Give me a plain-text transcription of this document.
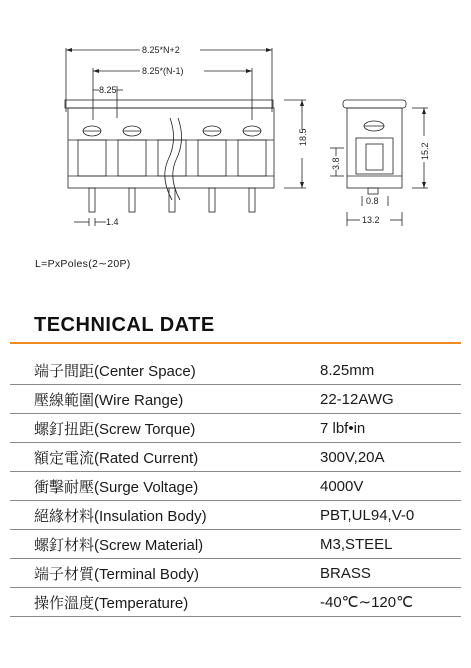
8.25*N+2
8.25*(N-1)
8.25
18.5
1.4
15.2
3.8
0.8
13.2
L=PxPoles(2∼20P)
TECHNICAL DATE
端子間距(Center Space)	8.25mm
壓線範圍(Wire Range)	22-12AWG
螺釘扭距(Screw Torque)	7 lbf•in
額定電流(Rated Current)	300V,20A
衝擊耐壓(Surge Voltage)	4000V
絕緣材料(Insulation Body)	PBT,UL94,V-0
螺釘材料(Screw Material)	M3,STEEL
端子材質(Terminal Body)	BRASS
操作溫度(Temperature)	-40℃∼120℃
